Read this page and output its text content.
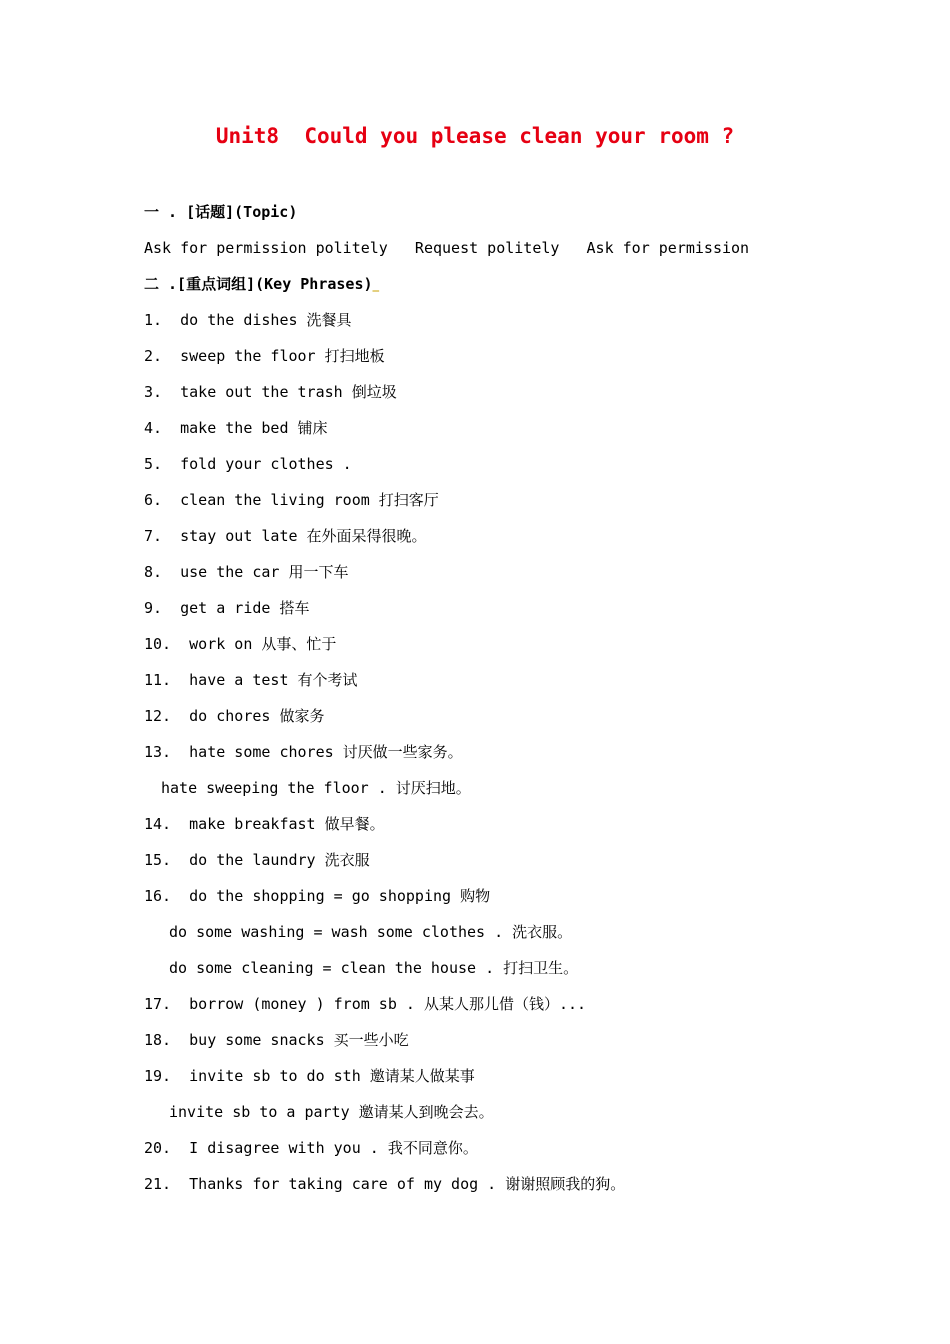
Unit8  Could you please clean your room ?
一 . [话题](Topic)
Ask for permission politely   Request politely   Ask for permission
二 .[重点词组](Key Phrases)_
1.  do the dishes 洗餐具
2.  sweep the floor 打扫地板
3.  take out the trash 倒垃圾
4.  make the bed 铺床
5.  fold your clothes .
6.  clean the living room 打扫客厅
7.  stay out late 在外面呆得很晚。
8.  use the car 用一下车
9.  get a ride 搭车
10.  work on 从事、忙于
11.  have a test 有个考试
12.  do chores 做家务
13.  hate some chores 讨厌做一些家务。
hate sweeping the floor . 讨厌扫地。
14.  make breakfast 做早餐。
15.  do the laundry 洗衣服
16.  do the shopping = go shopping 购物
do some washing = wash some clothes . 洗衣服。
do some cleaning = clean the house . 打扫卫生。
17.  borrow (money ) from sb . 从某人那儿借（钱）...
18.  buy some snacks 买一些小吃
19.  invite sb to do sth 邀请某人做某事
invite sb to a party 邀请某人到晚会去。
20.  I disagree with you . 我不同意你。
21.  Thanks for taking care of my dog . 谢谢照顾我的狗。
